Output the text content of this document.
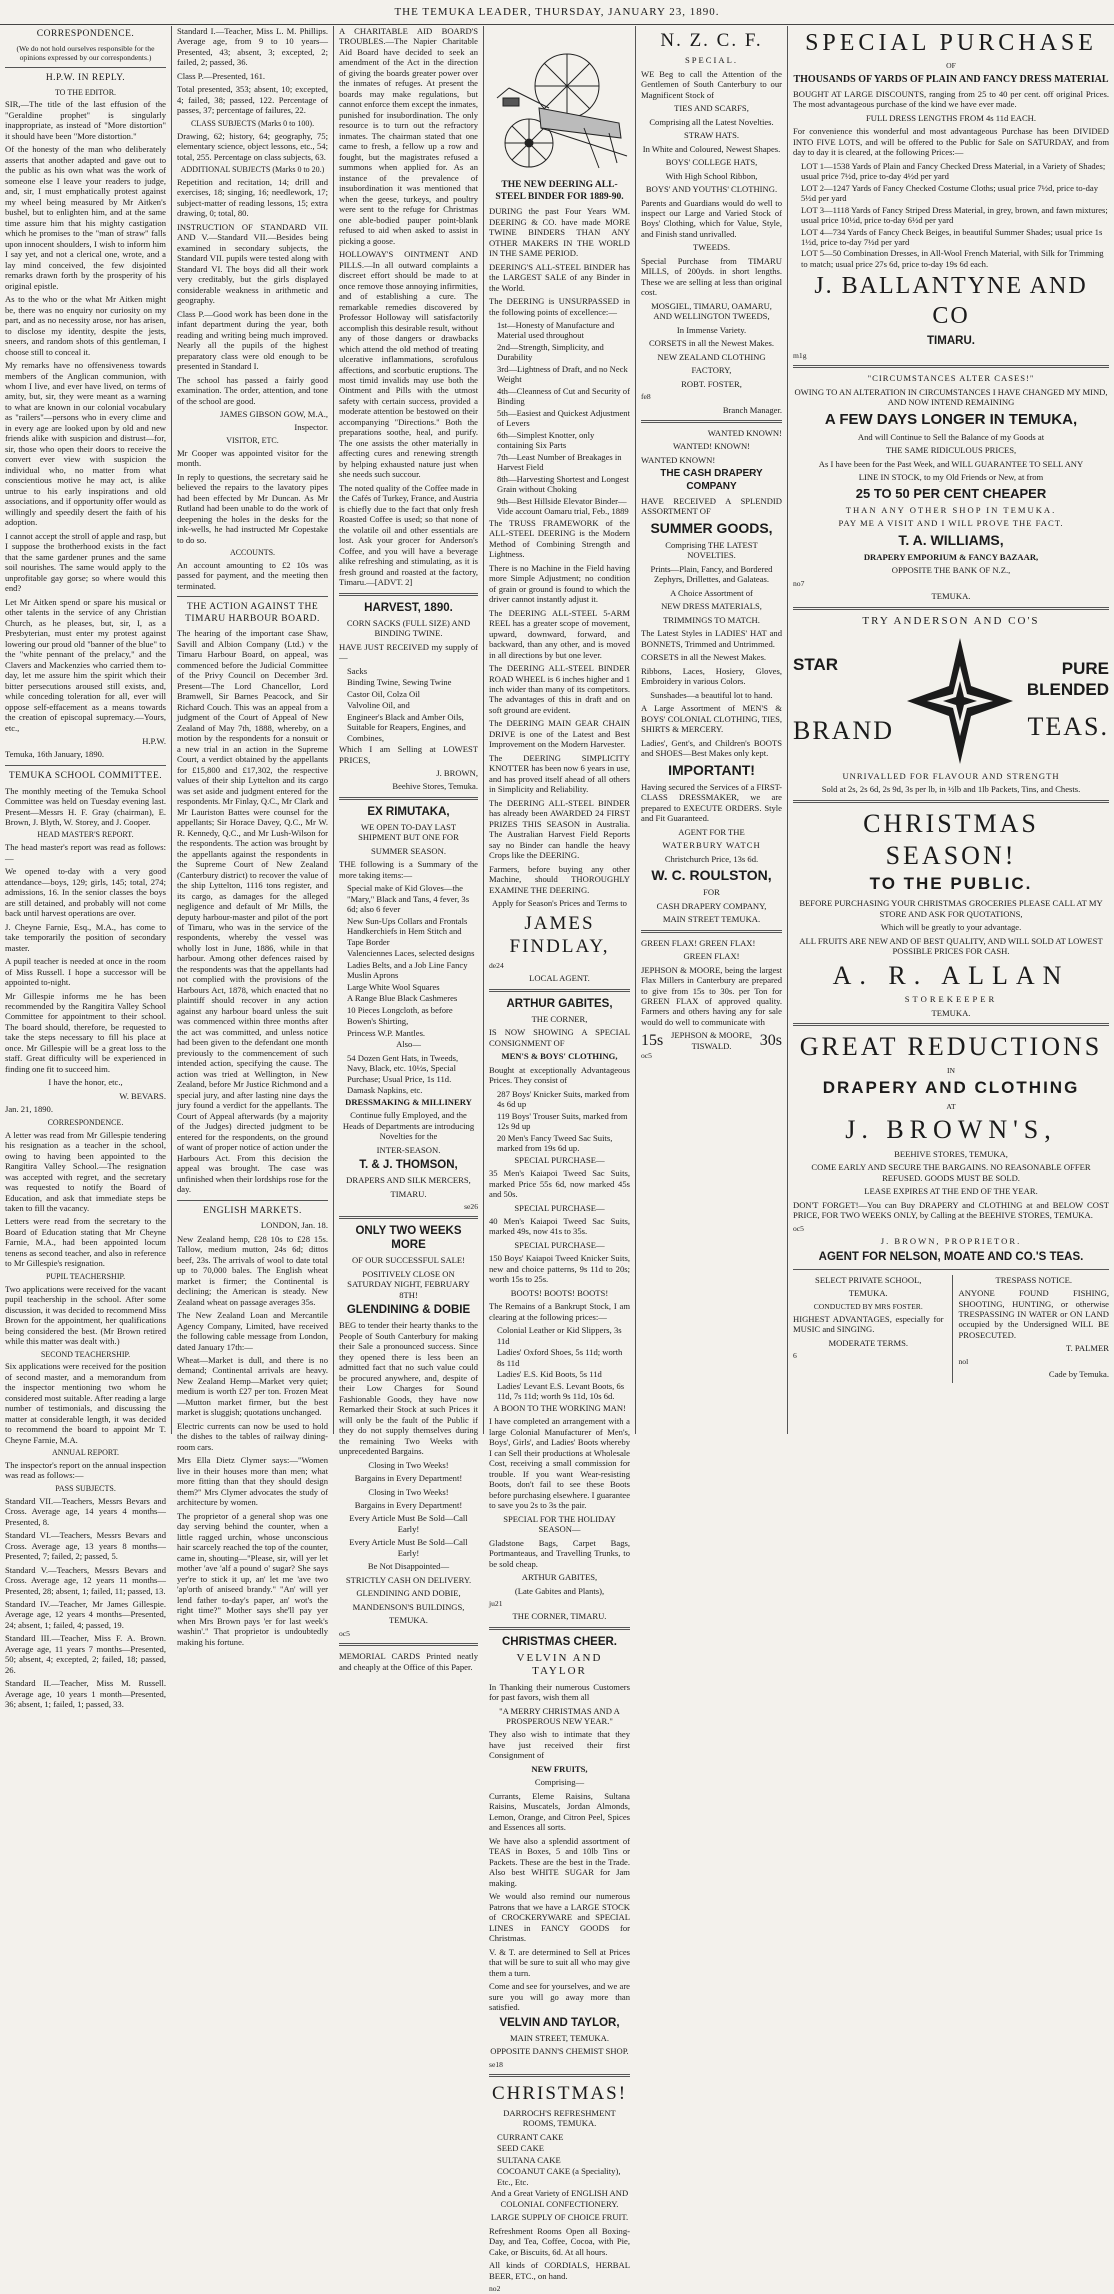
THE TEMUKA LEADER, THURSDAY, JANUARY 23, 1890.
CORRESPONDENCE.

(We do not hold ourselves responsible for the opinions expressed by our correspondents.)

H.P.W. IN REPLY.
TO THE EDITOR.

SIR,—The title of the last effusion of the "Geraldine prophet" is singularly inappropriate, as instead of "More distortion" it should have been "More distortion."

Of the honesty of the man who deliberately asserts that another adapted and gave out to the public as his own what was the work of someone else I leave your readers to judge, and, sir, I must emphatically protest against my wheel being measured by Mr Aitken's bushel, but to enlighten him, and at the same time assure him that his mighty castigation which he promises to the "man of straw" falls upon innocent shoulders, I wish to inform him I say yet, and not a clerical one, wrote, and a lay mind conceived, the few disjointed remarks drawn forth by the prosperity of his original epistle.

As to the who or the what Mr Aitken might be, there was no enquiry nor curiosity on my part, and as no necessity arose, nor has arisen, to disclose my identity, despite the jests, sneers, and random shots of this gentleman, I choose still to conceal it.

My remarks have no offensiveness towards members of the Anglican communion, with whom I live, and ever have lived, on terms of amity, but, sir, they were meant as a warning to what are known in our colonial vocabulary as "railers"—persons who in every clime and in every age are looked upon by old and new friends alike with suspicion and distrust—for, sir, those who open their doors to receive the convert ever view with suspicion the individual who, no matter from what conscientious motive he may act, is alike untrue to his early inspirations and old associations, and if opportunity offer would as willingly and speedily desert the faith of his adoption.

I cannot accept the stroll of apple and rasp, but I suppose the brotherhood exists in the fact that the same gardener prunes and the same soil nourishes. The same would apply to the unprofitable gay gorse; so where would this end?

Let Mr Aitken spend or spare his musical or other talents in the service of any Christian Church, as he pleases, but, sir, I, as a Presbyterian, must enter my protest against lowering our proud old "banner of the blue" to the "white pennant of the prelacy," and the Clavers and Mackenzies who carried them to-day, let me assure him the spirit which their bitter persecutions aroused still exists, and, while conceding toleration for all, ever will oppose self-effacement as a means towards the creation of episcopal supremacy.—Yours, etc.,

H.P.W.

Temuka, 16th January, 1890.

TEMUKA SCHOOL COMMITTEE.

The monthly meeting of the Temuka School Committee was held on Tuesday evening last. Present—Messrs H. F. Gray (chairman), E. Brown, J. Blyth, W. Storey, and J. Cooper.

HEAD MASTER'S REPORT.

The head master's report was read as follows:—

We opened to-day with a very good attendance—boys, 129; girls, 145; total, 274; admissions, 16. In the senior classes the boys are still detained, and probably will not come back until harvest operations are over.

J. Cheyne Farnie, Esq., M.A., has come to take temporarily the position of secondary master.

A pupil teacher is needed at once in the room of Miss Russell. I hope a successor will be appointed to-night.

Mr Gillespie informs me he has been recommended by the Rangitira Valley School Committee for appointment to their school. The board should, therefore, be requested to take the steps necessary to fill his place at once. Mr Gillespie will be a great loss to the staff. Great difficulty will be experienced in finding one fit to succeed him.

I have the honor, etc.,

W. BEVARS.

Jan. 21, 1890.

CORRESPONDENCE.

A letter was read from Mr Gillespie tendering his resignation as a teacher in the school, owing to having been appointed to the Rangitira Valley School.—The resignation was accepted with regret, and the secretary was requested to notify the Board of Education, and ask that immediate steps be taken to fill the vacancy.

Letters were read from the secretary to the Board of Education stating that Mr Cheyne Farnie, M.A., had been appointed locum tenens as second teacher, and also in reference to Mr Gillespie's resignation.

PUPIL TEACHERSHIP.

Two applications were received for the vacant pupil teachership in the school. After some discussion, it was decided to recommend Miss Brown for the appointment, her qualifications being considered the best. (Mr Brown retired while this matter was dealt with.)

SECOND TEACHERSHIP.

Six applications were received for the position of second master, and a memorandum from the inspector mentioning two whom he considered most suitable. After reading a large number of testimonials, and discussing the matter at considerable length, it was decided to recommend the board to appoint Mr T. Cheyne Farnie, M.A.

ANNUAL REPORT.

The inspector's report on the annual inspection was read as follows:—

PASS SUBJECTS.

Standard VII.—Teachers, Messrs Bevars and Cross. Average age, 14 years 4 months—Presented, 8.

Standard VI.—Teachers, Messrs Bevars and Cross. Average age, 13 years 8 months—Presented, 7; failed, 2; passed, 5.

Standard V.—Teachers, Messrs Bevars and Cross. Average age, 12 years 11 months—Presented, 28; absent, 1; failed, 11; passed, 13.

Standard IV.—Teacher, Mr James Gillespie. Average age, 12 years 4 months—Presented, 24; absent, 1; failed, 4; passed, 19.

Standard III.—Teacher, Miss F. A. Brown. Average age, 11 years 7 months—Presented, 50; absent, 4; excepted, 2; failed, 18; passed, 26.

Standard II.—Teacher, Miss M. Russell. Average age, 10 years 1 month—Presented, 36; absent, 1; failed, 1; passed, 33.

Standard I.—Teacher, Miss L. M. Phillips. Average age, from 9 to 10 years—Presented, 43; absent, 3; excepted, 2; failed, 2; passed, 36.

Class P.—Presented, 161.

Total presented, 353; absent, 10; excepted, 4; failed, 38; passed, 122. Percentage of passes, 37; percentage of failures, 22.

CLASS SUBJECTS (Marks 0 to 100).

Drawing, 62; history, 64; geography, 75; elementary science, object lessons, etc., 54; total, 255. Percentage on class subjects, 63.

ADDITIONAL SUBJECTS (Marks 0 to 20.)

Repetition and recitation, 14; drill and exercises, 18; singing, 16; needlework, 17; subject-matter of reading lessons, 15; extra drawing, 0; total, 80.

INSTRUCTION OF STANDARD VII. AND V.—Standard VII.—Besides being examined in secondary subjects, the Standard VII. pupils were tested along with Standard VI. The boys did all their work very creditably, but the girls displayed considerable weakness in arithmetic and geography.

Class P.—Good work has been done in the infant department during the year, both reading and writing being much improved. Nearly all the pupils of the highest preparatory class were old enough to be presented in Standard I.

The school has passed a fairly good examination. The order, attention, and tone of the school are good.

JAMES GIBSON GOW, M.A.,

Inspector.

VISITOR, ETC.

Mr Cooper was appointed visitor for the month.

In reply to questions, the secretary said he believed the repairs to the lavatory pipes had been effected by Mr Duncan. As Mr Rutland had been unable to do the work of deepening the holes in the desks for the ink-wells, he had instructed Mr Copestake to do so.

ACCOUNTS.

An account amounting to £2 10s was passed for payment, and the meeting then terminated.

THE ACTION AGAINST THE TIMARU HARBOUR BOARD.

The hearing of the important case Shaw, Savill and Albion Company (Ltd.) v the Timaru Harbour Board, on appeal, was commenced before the Judicial Committee of the Privy Council on December 3rd. Present—The Lord Chancellor, Lord Bramwell, Sir Barnes Peacock, and Sir Richard Couch. This was an appeal from a judgment of the Court of Appeal of New Zealand of May 7th, 1888, whereby, on a motion by the respondents for a nonsuit or a new trial in an action in the Supreme Court, a verdict obtained by the appellants for £15,800 and £17,302, the respective values of their ship Lyttelton and its cargo was set aside and judgment entered for the respondents. Mr Finlay, Q.C., Mr Clark and Mr Lauriston Battes were counsel for the appellants; Sir Horace Davey, Q.C., Mr W. R. Kennedy, Q.C., and Mr Lush-Wilson for the respondents. The action was brought by the appellants against the respondents in the Supreme Court of New Zealand (Canterbury district) to recover the value of the ship Lyttelton, 1116 tons register, and its cargo, as damages for the alleged negligence and default of Mr Mills, the deputy harbour-master and pilot of the port of Timaru, who was in the service of the respondents, whereby the vessel was wholly lost in June, 1886, while in that harbour. Among other defences raised by the respondents was that the appellants had not complied with the provisions of the Harbours Act, 1878, which enacted that no plaintiff should recover in any action against any harbour board unless the suit was commenced within three months after the act was committed, and unless notice had been given to the defendant one month previously to the commencement of such intended action, specifying the cause. The action was tried at Wellington, in New Zealand, before Mr Justice Richmond and a special jury, and after lasting nine days the jury found a verdict for the appellants. The Court of Appeal afterwards (by a majority of the Judges) directed judgment to be entered for the respondents, on the ground of want of proper notice of action under the Harbours Act. From this decision the appeal was brought. The case was unfinished when their lordships rose for the day.

ENGLISH MARKETS.

LONDON, Jan. 18.

New Zealand hemp, £28 10s to £28 15s. Tallow, medium mutton, 24s 6d; dittos beef, 23s. The arrivals of wool to date total up to 70,000 bales. The English wheat market is firmer; the Continental is declining; the American is steady. New Zealand wheat on passage averages 35s.

The New Zealand Loan and Mercantile Agency Company, Limited, have received the following cable message from London, dated January 17th:—

Wheat—Market is dull, and there is no demand; Continental arrivals are heavy. New Zealand Hemp—Market very quiet; medium is worth £27 per ton. Frozen Meat—Mutton market firmer, but the best market is sluggish; quotations unchanged.

Electric currents can now be used to hold the dishes to the tables of railway dining-room cars.

Mrs Ella Dietz Clymer says:—"Women live in their houses more than men; what more fitting than that they should design them?" Mrs Clymer advocates the study of architecture by women.

The proprietor of a general shop was one day serving behind the counter, when a little ragged urchin, whose unconscious hair scarcely reached the top of the counter, came in, shouting—"Please, sir, will yer let mother 'ave 'alf a pound o' sugar? She says yer're to stick it up, an' let me 'ave two 'ap'orth of aniseed brandy." "An' will yer lend father to-day's paper, an' wot's the right time?" Mother says she'll pay yer when Mrs Brown pays 'er for last week's washin'." That proprietor is undoubtedly making his fortune.

A CHARITABLE AID BOARD'S TROUBLES.—The Napier Charitable Aid Board have decided to seek an amendment of the Act in the direction of giving the boards greater power over the inmates of refuges. At present the boards may make regulations, but cannot enforce them except the inmates, punished for insubordination. The only resource is to turn out the refractory inmates. The chairman stated that one came to fresh, a fellow up a row and fought, but the magistrates refused a summons when applied for. As an instance of the prevalence of insubordination it was mentioned that when the geese, turkeys, and poultry were sent to the refuge for Christmas one able-bodied pauper point-blank refused to aid when asked to assist in picking a goose.

HOLLOWAY'S OINTMENT AND PILLS.—In all outward complaints a discreet effort should be made to at once remove those annoying infirmities, and of establishing a cure. The remarkable remedies discovered by Professor Holloway will satisfactorily accomplish this desirable result, without any of those dangers or drawbacks which attend the old method of treating ulcerative inflammations, scrofulous affections, and scorbutic eruptions. The most timid invalids may use both the Ointment and Pills with the utmost safety with certain success, provided a moderate attention be bestowed on their accompanying "Directions." Both the preparations soothe, heal, and purify. The one assists the other materially in affecting cures and renewing strength by helping exhausted nature just when she needs such succour.

The noted quality of the Coffee made in the Cafés of Turkey, France, and Austria is chiefly due to the fact that only fresh Roasted Coffee is used; so that none of the volatile oil and other essentials are lost. Ask your grocer for Anderson's Coffee, and you will have a beverage alike refreshing and stimulating, as it is fresh ground and roasted at the factory, Timaru.—[ADVT. 2]

HARVEST, 1890.

CORN SACKS (FULL SIZE) AND BINDING TWINE.

HAVE JUST RECEIVED my supply of—

Sacks
Binding Twine, Sewing Twine
Castor Oil, Colza Oil
Valvoline Oil, and
Engineer's Black and Amber Oils, Suitable for Reapers, Engines, and Combines,

Which I am Selling at LOWEST PRICES,

J. BROWN,

Beehive Stores, Temuka.

EX RIMUTAKA,

WE OPEN TO-DAY LAST SHIPMENT BUT ONE FOR

SUMMER SEASON.

THE following is a Summary of the more taking items:—

Special make of Kid Gloves—the "Mary," Black and Tans, 4 fever, 3s 6d; also 6 fever
New Sun-Ups Collars and Frontals Handkerchiefs in Hem Stitch and Tape Border
Valenciennes Laces, selected designs
Ladies Belts, and a Job Line Fancy Muslin Aprons
Large White Wool Squares
A Range Blue Black Cashmeres
10 Pieces Longcloth, as before
Bowen's Shirting,
Princess W.P. Mantles.

Also—

54 Dozen Gent Hats, in Tweeds, Navy, Black, etc. 10½s, Special Purchase; Usual Price, 1s 11d.
Damask Napkins, etc.

DRESSMAKING & MILLINERY

Continue fully Employed, and the Heads of Departments are introducing Novelties for the

INTER-SEASON.

T. & J. THOMSON,

DRAPERS AND SILK MERCERS,

TIMARU.

se26

ONLY TWO WEEKS MORE

OF OUR SUCCESSFUL SALE!

POSITIVELY CLOSE ON SATURDAY NIGHT, FEBRUARY 8TH!

GLENDINING & DOBIE

BEG to tender their hearty thanks to the People of South Canterbury for making their Sale a pronounced success. Since they opened there is less been an admitted fact that no such value could be procured anywhere, and, despite of their Low Charges for Sound Fashionable Goods, they have now Remarked their Stock at such Prices it will only be the fault of the Public if they do not supply themselves during the remaining Two Weeks with unprecedented Bargains.

Closing in Two Weeks!

Bargains in Every Department!

Closing in Two Weeks!

Bargains in Every Department!

Every Article Must Be Sold—Call Early!

Every Article Must Be Sold—Call Early!

Be Not Disappointed—

STRICTLY CASH ON DELIVERY.

GLENDINING AND DOBIE,

MANDENSON'S BUILDINGS,

TEMUKA.

oc5

MEMORIAL CARDS Printed neatly and cheaply at the Office of this Paper.

THE NEW DEERING ALL-STEEL BINDER FOR 1889-90.

DURING the past Four Years WM. DEERING & CO. have made MORE TWINE BINDERS THAN ANY OTHER MAKERS IN THE WORLD IN THE SAME PERIOD.

DEERING'S ALL-STEEL BINDER has the LARGEST SALE of any Binder in the World.

The DEERING is UNSURPASSED in the following points of excellence:—

1st—Honesty of Manufacture and Material used throughout
2nd—Strength, Simplicity, and Durability
3rd—Lightness of Draft, and no Neck Weight
4th—Cleanness of Cut and Security of Binding
5th—Easiest and Quickest Adjustment of Levers
6th—Simplest Knotter, only containing Six Parts
7th—Least Number of Breakages in Harvest Field
8th—Harvesting Shortest and Longest Grain without Choking
9th—Best Hillside Elevator Binder—Vide account Oamaru trial, Feb., 1889

The TRUSS FRAMEWORK of the ALL-STEEL DEERING is the Modern Method of Combining Strength and Lightness.

There is no Machine in the Field having more Simple Adjustment; no condition of grain or ground is found to which the driver cannot instantly adjust it.

The DEERING ALL-STEEL 5-ARM REEL has a greater scope of movement, upward, downward, forward, and backward, than any other, and is moved in all directions by but one lever.

The DEERING ALL-STEEL BINDER ROAD WHEEL is 6 inches higher and 1 inch wider than many of its competitors. The advantages of this in draft and on soft ground are evident.

The DEERING MAIN GEAR CHAIN DRIVE is one of the Latest and Best Improvement on the Modern Harvester.

The DEERING SIMPLICITY KNOTTER has been now 6 years in use, and has proved itself ahead of all others in Simplicity and Reliability.

The DEERING ALL-STEEL BINDER has already been AWARDED 24 FIRST PRIZES THIS SEASON in Australia. The Australian Harvest Field Reports say no Binder can handle the heavy Crops like the DEERING.

Farmers, before buying any other Machine, should THOROUGHLY EXAMINE THE DEERING.

Apply for Season's Prices and Terms to

JAMES FINDLAY,

de24

LOCAL AGENT.

ARTHUR GABITES,

THE CORNER,

IS NOW SHOWING A SPECIAL CONSIGNMENT OF

MEN'S & BOYS' CLOTHING,

Bought at exceptionally Advantageous Prices. They consist of

287 Boys' Knicker Suits, marked from 4s 6d up
119 Boys' Trouser Suits, marked from 12s 9d up
20 Men's Fancy Tweed Sac Suits, marked from 19s 6d up.

SPECIAL PURCHASE—

35 Men's Kaiapoi Tweed Sac Suits, marked Price 55s 6d, now marked 45s and 50s.

SPECIAL PURCHASE—

40 Men's Kaiapoi Tweed Sac Suits, marked 49s, now 41s to 35s.

SPECIAL PURCHASE—

150 Boys' Kaiapoi Tweed Knicker Suits, new and choice patterns, 9s 11d to 20s; worth 15s to 25s.

BOOTS! BOOTS! BOOTS!

The Remains of a Bankrupt Stock, I am clearing at the following prices:—

Colonial Leather or Kid Slippers, 3s 11d
Ladies' Oxford Shoes, 5s 11d; worth 8s 11d
Ladies' E.S. Kid Boots, 5s 11d
Ladies' Levant E.S. Levant Boots, 6s 11d, 7s 11d; worth 9s 11d, 10s 6d.

A BOON TO THE WORKING MAN!

I have completed an arrangement with a large Colonial Manufacturer of Men's, Boys', Girls', and Ladies' Boots whereby I can Sell their productions at Wholesale Cost, receiving a small commission for trouble. If you want Wear-resisting Boots, don't fail to see these Boots before purchasing elsewhere. I guarantee to save you 2s to 3s the pair.

SPECIAL FOR THE HOLIDAY SEASON—

Gladstone Bags, Carpet Bags, Portmanteaus, and Travelling Trunks, to be sold cheap.

ARTHUR GABITES,

(Late Gabites and Plants),

ju21

THE CORNER, TIMARU.

CHRISTMAS CHEER.

VELVIN AND TAYLOR

In Thanking their numerous Customers for past favors, wish them all

"A MERRY CHRISTMAS AND A PROSPEROUS NEW YEAR."

They also wish to intimate that they have just received their first Consignment of

NEW FRUITS,

Comprising—

Currants, Eleme Raisins, Sultana Raisins, Muscatels, Jordan Almonds, Lemon, Orange, and Citron Peel, Spices and Essences all sorts.

We have also a splendid assortment of TEAS in Boxes, 5 and 10lb Tins or Packets. These are the best in the Trade. Also best WHITE SUGAR for Jam making.

We would also remind our numerous Patrons that we have a LARGE STOCK of CROCKERYWARE and SPECIAL LINES in FANCY GOODS for Christmas.

V. & T. are determined to Sell at Prices that will be sure to suit all who may give them a turn.

Come and see for yourselves, and we are sure you will go away more than satisfied.

VELVIN AND TAYLOR,

MAIN STREET, TEMUKA.

OPPOSITE DANN'S CHEMIST SHOP.

se18

CHRISTMAS!

DARROCH'S REFRESHMENT ROOMS, TEMUKA.

CURRANT CAKE
SEED CAKE
SULTANA CAKE
COCOANUT CAKE (a Speciality), Etc., Etc.

And a Great Variety of ENGLISH AND COLONIAL CONFECTIONERY.

LARGE SUPPLY OF CHOICE FRUIT.

Refreshment Rooms Open all Boxing-Day, and Tea, Coffee, Cocoa, with Pie, Cake, or Biscuits, 6d. At all hours.

All kinds of CORDIALS, HERBAL BEER, ETC., on hand.

no2

N. Z. C. F.

SPECIAL.

WE Beg to call the Attention of the Gentlemen of South Canterbury to our Magnificent Stock of

TIES AND SCARFS,

Comprising all the Latest Novelties.

STRAW HATS.

In White and Coloured, Newest Shapes.

BOYS' COLLEGE HATS,

With High School Ribbon,

BOYS' AND YOUTHS' CLOTHING.

Parents and Guardians would do well to inspect our Large and Varied Stock of Boys' Clothing, which for Value, Style, and Finish stand unrivalled.

TWEEDS.

Special Purchase from TIMARU MILLS, of 200yds. in short lengths. These we are selling at less than original cost.

MOSGIEL, TIMARU, OAMARU, AND WELLINGTON TWEEDS,

In Immense Variety.

CORSETS in all the Newest Makes.

NEW ZEALAND CLOTHING

FACTORY,

ROBT. FOSTER,

fe8

Branch Manager.

WANTED KNOWN!

WANTED! KNOWN!

WANTED KNOWN!

THE CASH DRAPERY COMPANY

HAVE RECEIVED A SPLENDID ASSORTMENT OF

SUMMER GOODS,

Comprising THE LATEST NOVELTIES.

Prints—Plain, Fancy, and Bordered Zephyrs, Drillettes, and Galateas.

A Choice Assortment of

NEW DRESS MATERIALS,

TRIMMINGS TO MATCH.

The Latest Styles in LADIES' HAT and BONNETS, Trimmed and Untrimmed.

CORSETS in all the Newest Makes.

Ribbons, Laces, Hosiery, Gloves, Embroidery in various Colors.

Sunshades—a beautiful lot to hand.

A Large Assortment of MEN'S & BOYS' COLONIAL CLOTHING, TIES, SHIRTS & MERCERY.

Ladies', Gent's, and Children's BOOTS and SHOES—Best Makes only kept.

IMPORTANT!

Having secured the Services of a FIRST-CLASS DRESSMAKER, we are prepared to EXECUTE ORDERS. Style and Fit Guaranteed.

AGENT FOR THE

WATERBURY WATCH

Christchurch Price, 13s 6d.

W. C. ROULSTON,

FOR

CASH DRAPERY COMPANY,

MAIN STREET TEMUKA.

GREEN FLAX! GREEN FLAX!

GREEN FLAX!

JEPHSON & MOORE, being the largest Flax Millers in Canterbury are prepared to give from 15s to 30s. per Ton for GREEN FLAX of approved quality. Farmers and others having any for sale would do well to communicate with

15s JEPHSON & MOORE,
TISWALD.	30s

oc5

SPECIAL PURCHASE

OF

THOUSANDS OF YARDS OF PLAIN AND FANCY DRESS MATERIAL

BOUGHT AT LARGE DISCOUNTS, ranging from 25 to 40 per cent. off original Prices. The most advantageous purchase of the kind we have ever made.

FULL DRESS LENGTHS FROM 4s 11d EACH.

For convenience this wonderful and most advantageous Purchase has been DIVIDED INTO FIVE LOTS, and will be offered to the Public for Sale on SATURDAY, and from day to day it is cleared, at the following Prices:—

LOT 1—1538 Yards of Plain and Fancy Checked Dress Material, in a Variety of Shades; usual price 7½d, price to-day 4½d per yard
LOT 2—1247 Yards of Fancy Checked Costume Cloths; usual price 7½d, price to-day 5½d per yard
LOT 3—1118 Yards of Fancy Striped Dress Material, in grey, brown, and fawn mixtures; usual price 10½d, price to-day 6½d per yard
LOT 4—734 Yards of Fancy Check Beiges, in beautiful Summer Shades; usual price 1s 1½d, price to-day 7½d per yard
LOT 5—50 Combination Dresses, in All-Wool French Material, with Silk for Trimming to match; usual price 27s 6d, price to-day 19s 6d each.
J. BALLANTYNE AND CO
TIMARU.

m1g

"CIRCUMSTANCES ALTER CASES!"

OWING TO AN ALTERATION IN CIRCUMSTANCES I HAVE CHANGED MY MIND, AND NOW INTEND REMAINING

A FEW DAYS LONGER IN TEMUKA,

And will Continue to Sell the Balance of my Goods at

THE SAME RIDICULOUS PRICES,

As I have been for the Past Week, and WILL GUARANTEE TO SELL ANY

LINE IN STOCK, to my Old Friends or New, at from

25 TO 50 PER CENT CHEAPER

THAN ANY OTHER SHOP IN TEMUKA.

PAY ME A VISIT AND I WILL PROVE THE FACT.

T. A. WILLIAMS,

DRAPERY EMPORIUM & FANCY BAZAAR,

OPPOSITE THE BANK OF N.Z.,

no7

TEMUKA.

TRY ANDERSON AND CO'S

STAR
BRAND
PURE
BLENDED
TEAS.

UNRIVALLED FOR FLAVOUR AND STRENGTH

Sold at 2s, 2s 6d, 2s 9d, 3s per lb, in ½lb and 1lb Packets, Tins, and Chests.

CHRISTMAS SEASON!
TO THE PUBLIC.

BEFORE PURCHASING YOUR CHRISTMAS GROCERIES PLEASE CALL AT MY STORE AND ASK FOR QUOTATIONS,

Which will be greatly to your advantage.

ALL FRUITS ARE NEW AND OF BEST QUALITY, AND WILL SOLD AT LOWEST POSSIBLE PRICES FOR CASH.

A. R. ALLAN

STOREKEEPER

TEMUKA.

GREAT REDUCTIONS

IN

DRAPERY AND CLOTHING

AT

J. BROWN'S,

BEEHIVE STORES, TEMUKA,

COME EARLY AND SECURE THE BARGAINS. NO REASONABLE OFFER REFUSED. GOODS MUST BE SOLD.

LEASE EXPIRES AT THE END OF THE YEAR.

DON'T FORGET!—You can Buy DRAPERY and CLOTHING at and BELOW COST PRICE, FOR TWO WEEKS ONLY, by Calling at the BEEHIVE STORES, TEMUKA.

oc5

J. BROWN, PROPRIETOR.

AGENT FOR NELSON, MOATE AND CO.'S TEAS.

SELECT PRIVATE SCHOOL,

TEMUKA.

CONDUCTED BY MRS FOSTER.

HIGHEST ADVANTAGES, especially for MUSIC and SINGING.

MODERATE TERMS.

6

TRESPASS NOTICE.

ANYONE FOUND FISHING, SHOOTING, HUNTING, or otherwise TRESPASSING IN WATER or ON LAND occupied by the Undersigned WILL BE PROSECUTED.

T. PALMER

nol

Cade by Temuka.
